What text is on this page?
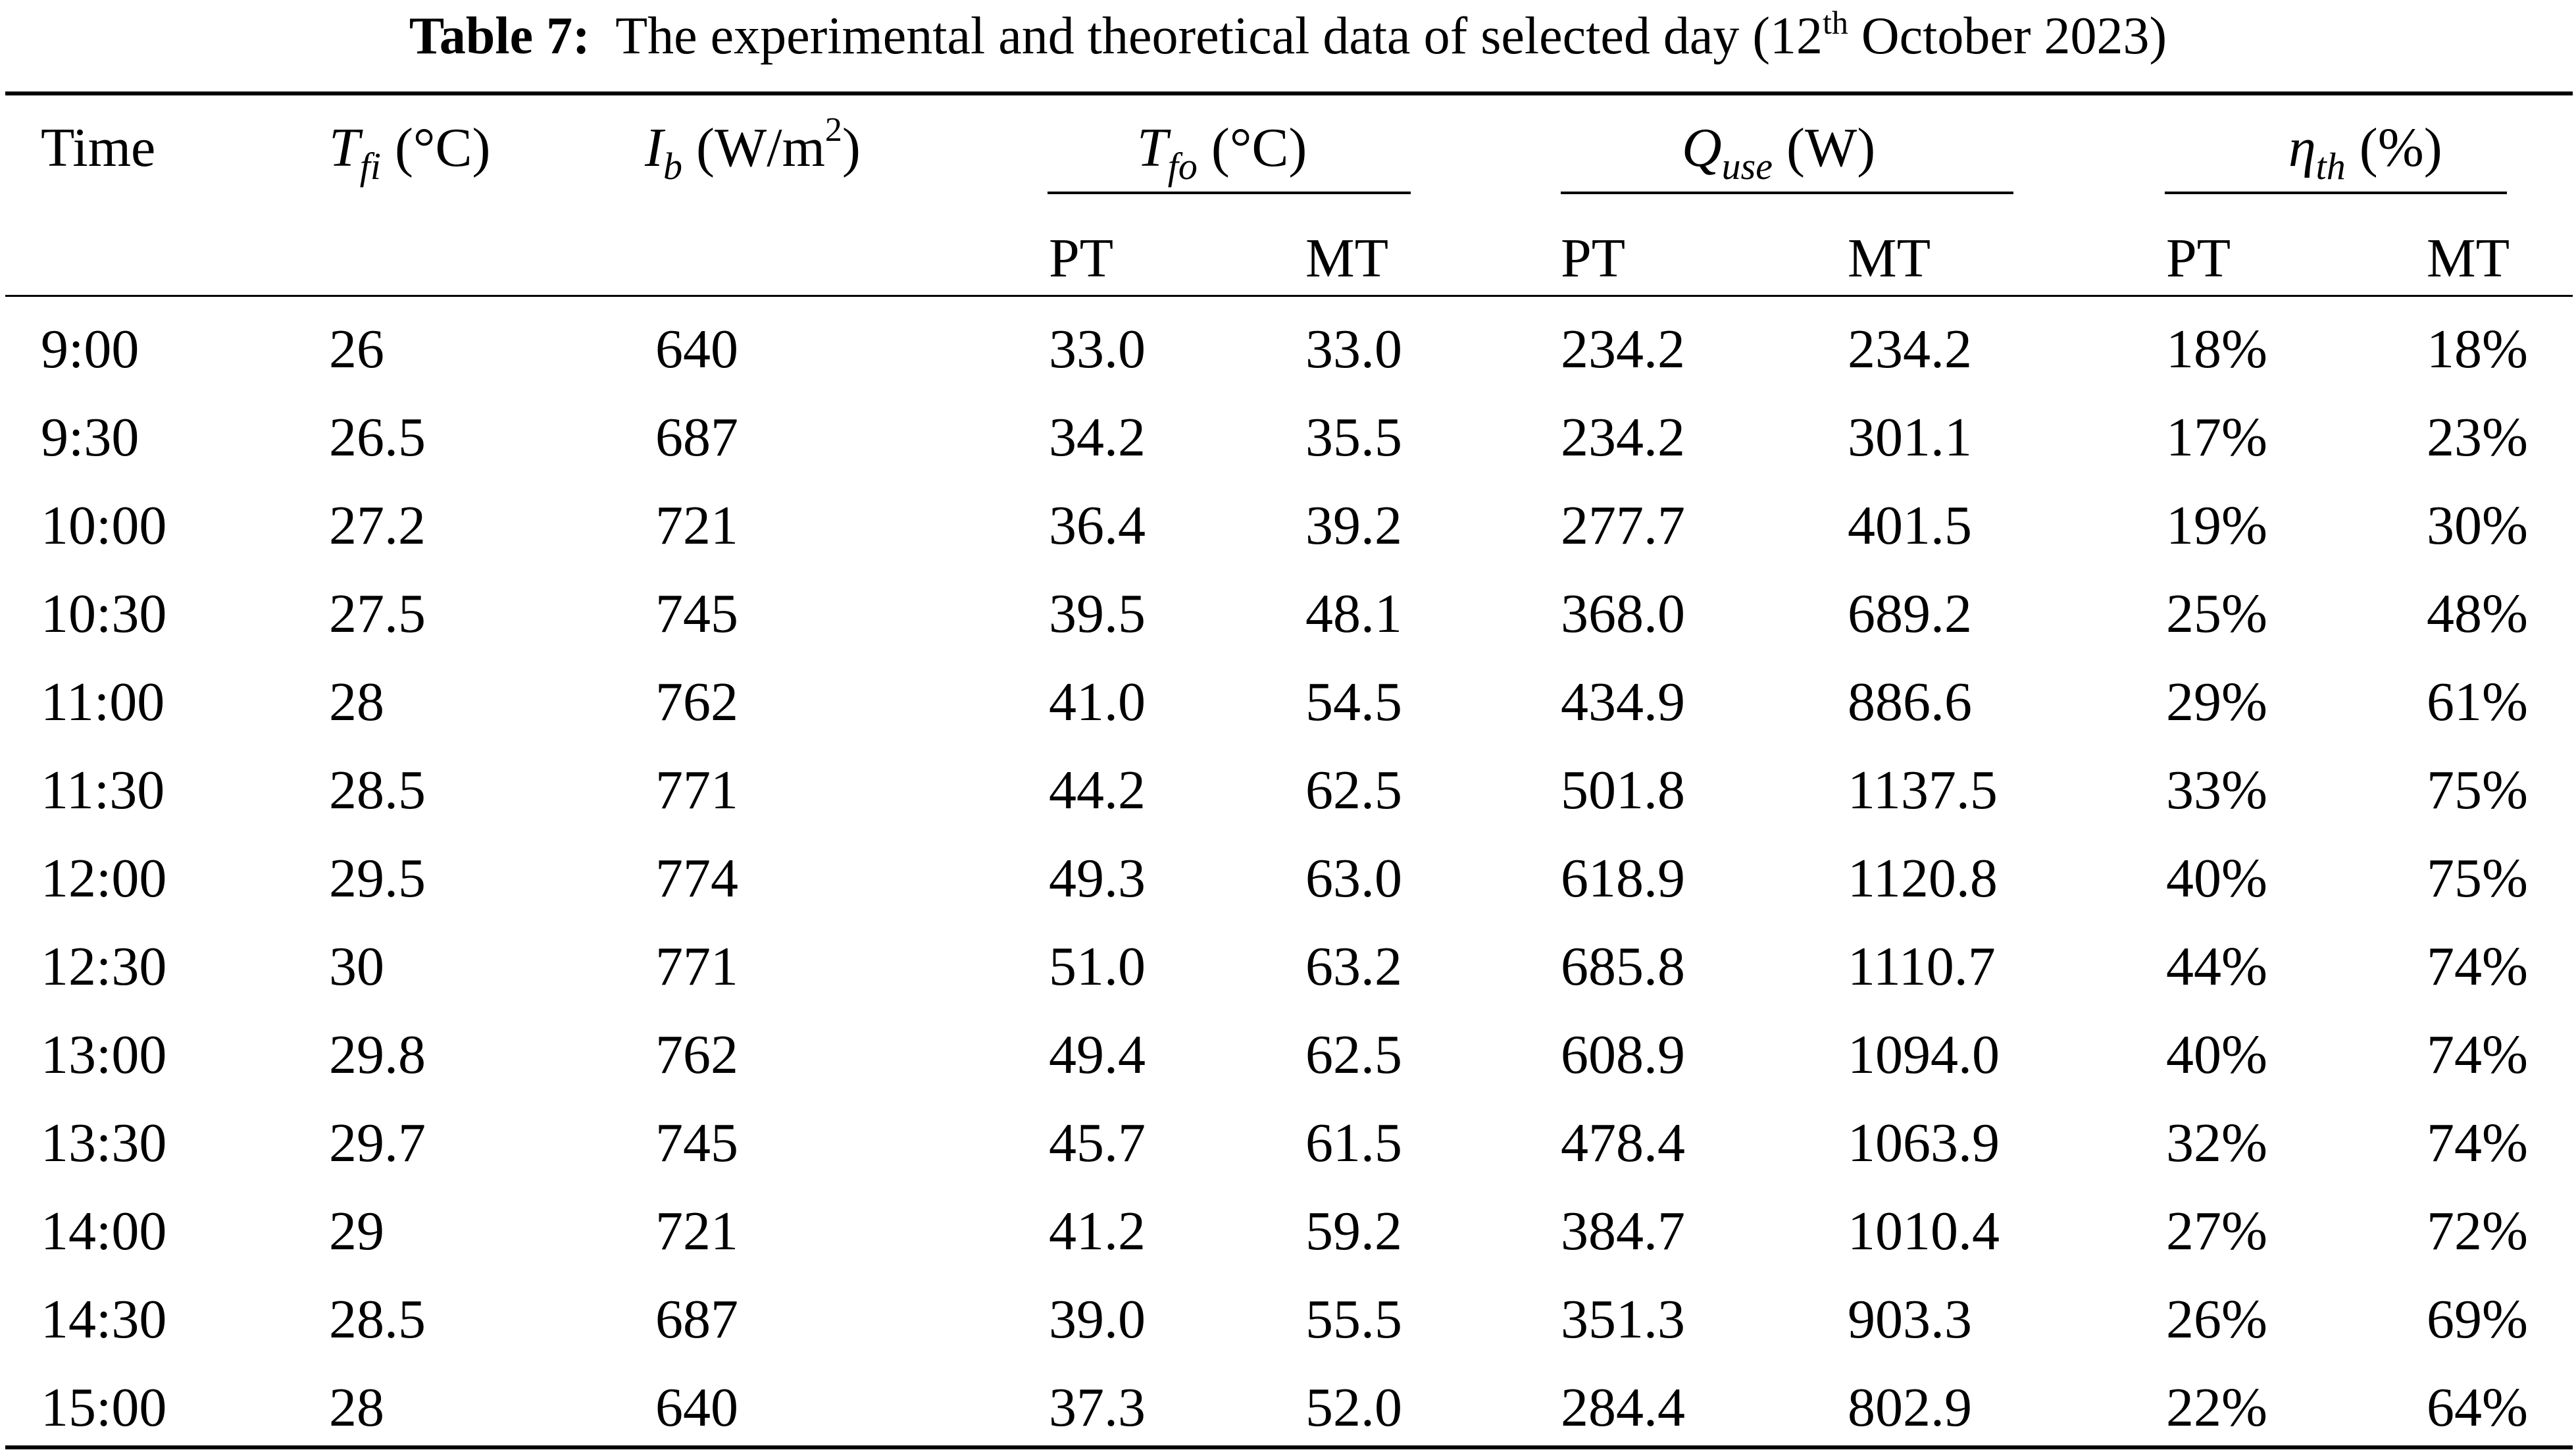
Table 7: The experimental and theoretical data of selected day (12th October 2023)
Time	$T_{fi}$ (°C)	$I_b$ $(W/m^2)$	$T_{fo}$ (°C)	$Q_{use}$ (W)	$\eta_{th}$ (%)
PT	MT	PT	MT	PT	MT
9:00	26	640	33.0	33.0	234.2	234.2	18%	18%
9:30	26.5	687	34.2	35.5	234.2	301.1	17%	23%
10:00	27.2	721	36.4	39.2	277.7	401.5	19%	30%
10:30	27.5	745	39.5	48.1	368.0	689.2	25%	48%
11:00	28	762	41.0	54.5	434.9	886.6	29%	61%
11:30	28.5	771	44.2	62.5	501.8	1137.5	33%	75%
12:00	29.5	774	49.3	63.0	618.9	1120.8	40%	75%
12:30	30	771	51.0	63.2	685.8	1110.7	44%	74%
13:00	29.8	762	49.4	62.5	608.9	1094.0	40%	74%
13:30	29.7	745	45.7	61.5	478.4	1063.9	32%	74%
14:00	29	721	41.2	59.2	384.7	1010.4	27%	72%
14:30	28.5	687	39.0	55.5	351.3	903.3	26%	69%
15:00	28	640	37.3	52.0	284.4	802.9	22%	64%
